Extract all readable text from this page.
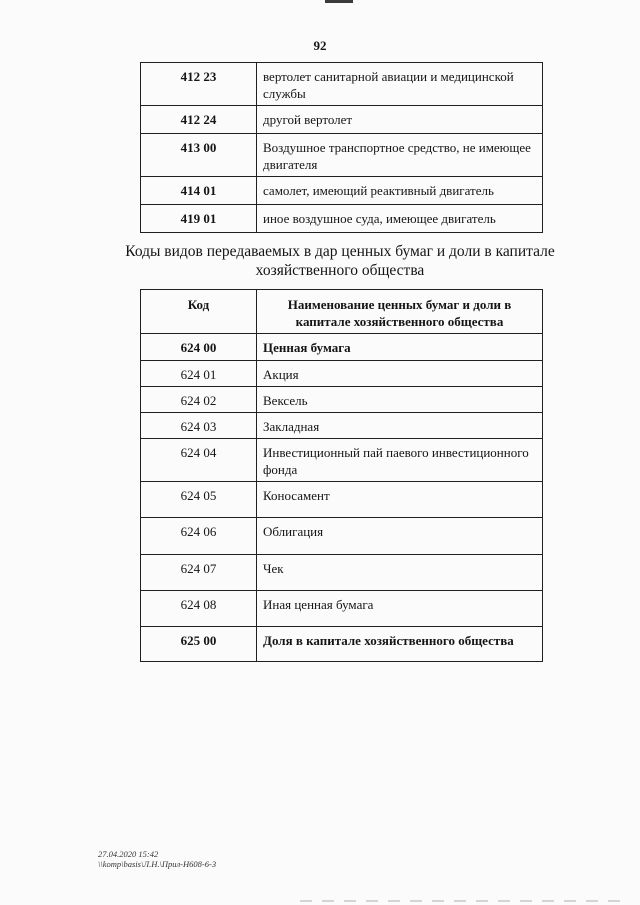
92
412 23	вертолет санитарной авиации и медицинской службы
412 24	другой вертолет
413 00	Воздушное транспортное средство, не имеющее двигателя
414 01	самолет, имеющий реактивный двигатель
419 01	иное воздушное суда, имеющее двигатель
Коды видов передаваемых в дар ценных бумаг и доли в капитале
хозяйственного общества
Код	Наименование ценных бумаг и доли в капитале хозяйственного общества
624 00	Ценная бумага
624 01	Акция
624 02	Вексель
624 03	Закладная
624 04	Инвестиционный пай паевого инвестиционного фонда
624 05	Коносамент
624 06	Облигация
624 07	Чек
624 08	Иная ценная бумага
625 00	Доля в капитале хозяйственного общества
27.04.2020 15:42
\\komp\basis\Л.Н.\Прил-Н608-6-3
